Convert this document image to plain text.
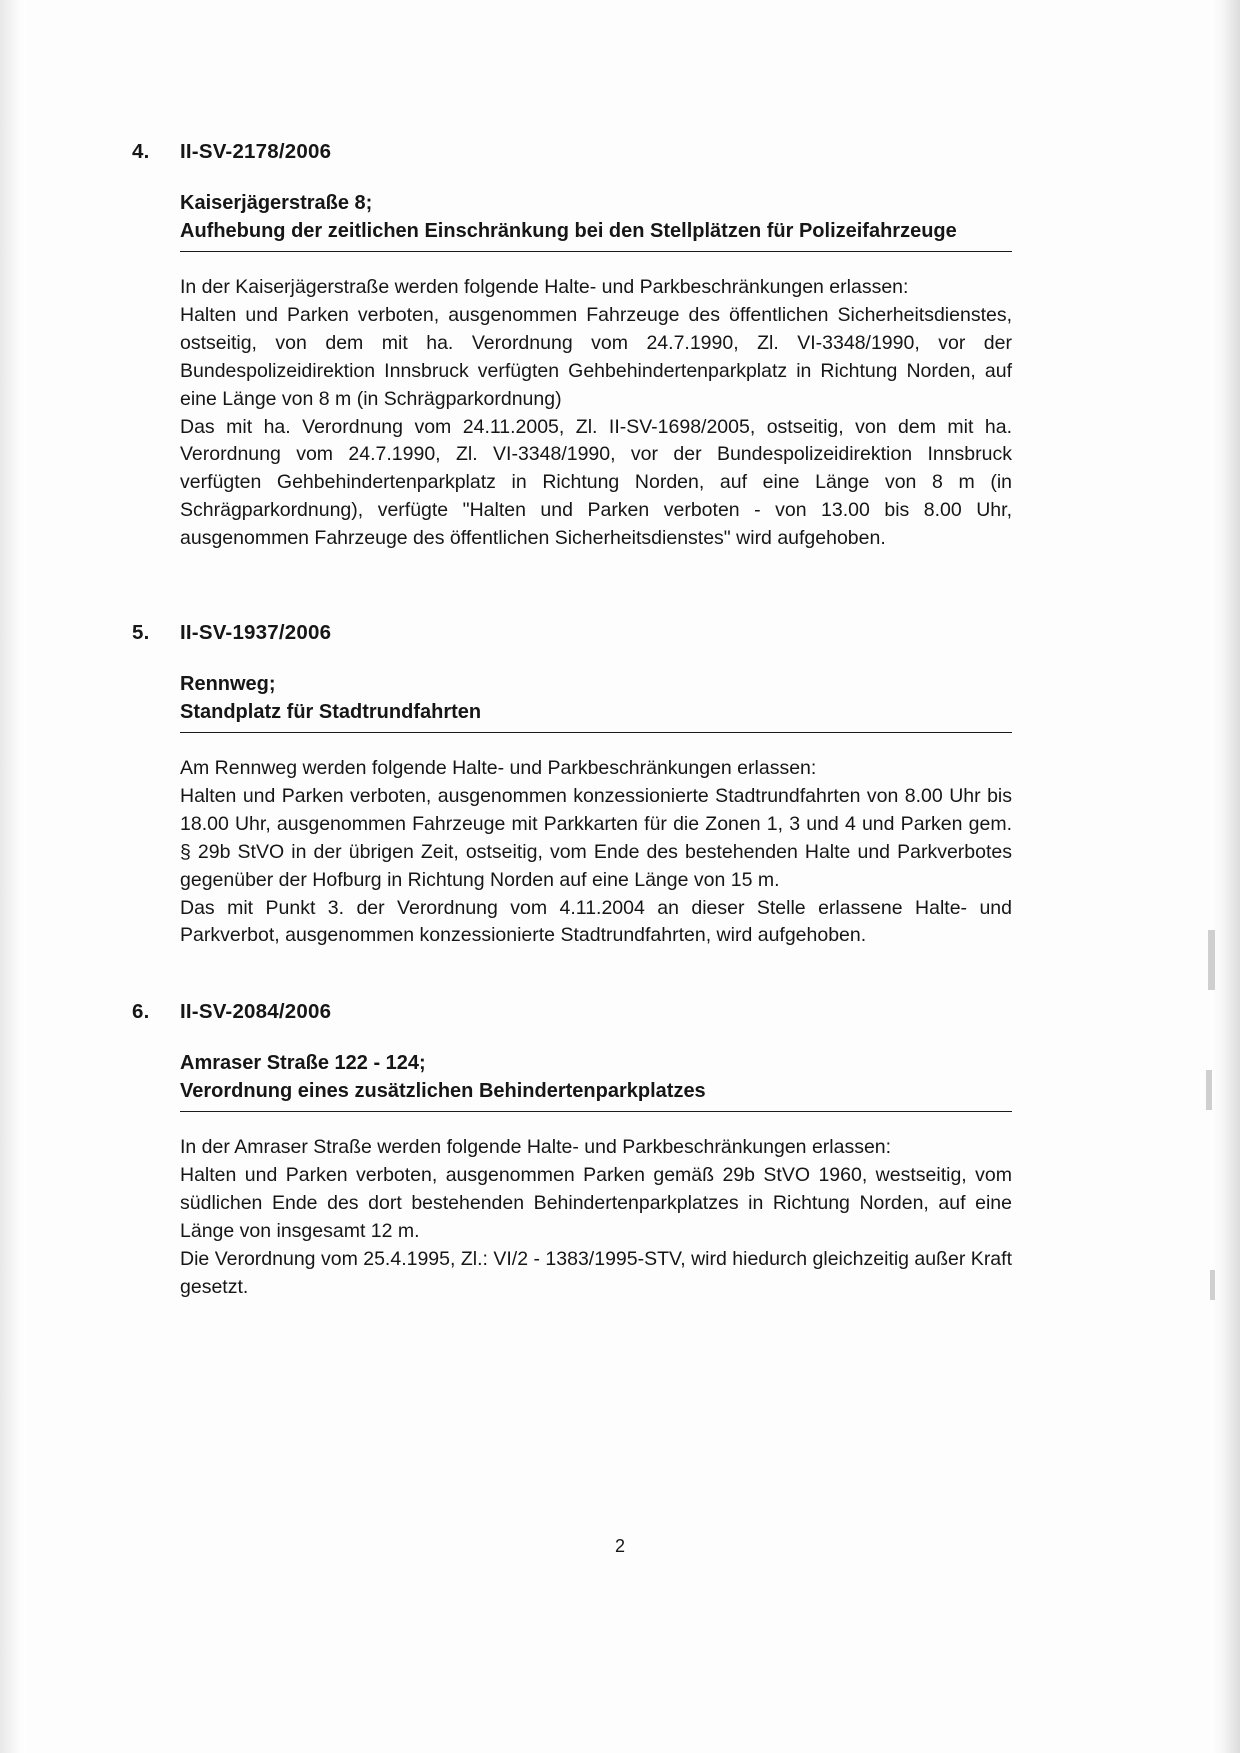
4.	II-SV-2178/2006
Kaiserjägerstraße 8;
Aufhebung der zeitlichen Einschränkung bei den Stellplätzen für Polizeifahrzeuge

In der Kaiserjägerstraße werden folgende Halte- und Parkbeschränkungen erlassen:

Halten und Parken verboten, ausgenommen Fahrzeuge des öffentlichen Sicherheitsdienstes, ostseitig, von dem mit ha. Verordnung vom 24.7.1990, Zl. VI-3348/1990, vor der Bundespolizeidirektion Innsbruck verfügten Gehbehindertenparkplatz in Richtung Norden, auf eine Länge von 8 m (in Schrägparkordnung)

Das mit ha. Verordnung vom 24.11.2005, Zl. II-SV-1698/2005, ostseitig, von dem mit ha. Verordnung vom 24.7.1990, Zl. VI-3348/1990, vor der Bundespolizeidirektion Innsbruck verfügten Gehbehindertenparkplatz in Richtung Norden, auf eine Länge von 8 m (in Schrägparkordnung), verfügte "Halten und Parken verboten - von 13.00 bis 8.00 Uhr, ausgenommen Fahrzeuge des öffentlichen Sicherheitsdienstes" wird aufgehoben.

5.	II-SV-1937/2006
Rennweg;
Standplatz für Stadtrundfahrten

Am Rennweg werden folgende Halte- und Parkbeschränkungen erlassen:

Halten und Parken verboten, ausgenommen konzessionierte Stadtrundfahrten von 8.00 Uhr bis 18.00 Uhr, ausgenommen Fahrzeuge mit Parkkarten für die Zonen 1, 3 und 4 und Parken gem. § 29b StVO in der übrigen Zeit, ostseitig, vom Ende des bestehenden Halte und Parkverbotes gegenüber der Hofburg in Richtung Norden auf eine Länge von 15 m.

Das mit Punkt 3. der Verordnung vom 4.11.2004 an dieser Stelle erlassene Halte- und Parkverbot, ausgenommen konzessionierte Stadtrundfahrten, wird aufgehoben.

6.	II-SV-2084/2006
Amraser Straße 122 - 124;
Verordnung eines zusätzlichen Behindertenparkplatzes

In der Amraser Straße werden folgende Halte- und Parkbeschränkungen erlassen:

Halten und Parken verboten, ausgenommen Parken gemäß 29b StVO 1960, westseitig, vom südlichen Ende des dort bestehenden Behindertenparkplatzes in Richtung Norden, auf eine Länge von insgesamt 12 m.

Die Verordnung vom 25.4.1995, Zl.: VI/2 - 1383/1995-STV, wird hiedurch gleichzeitig außer Kraft gesetzt.

2
